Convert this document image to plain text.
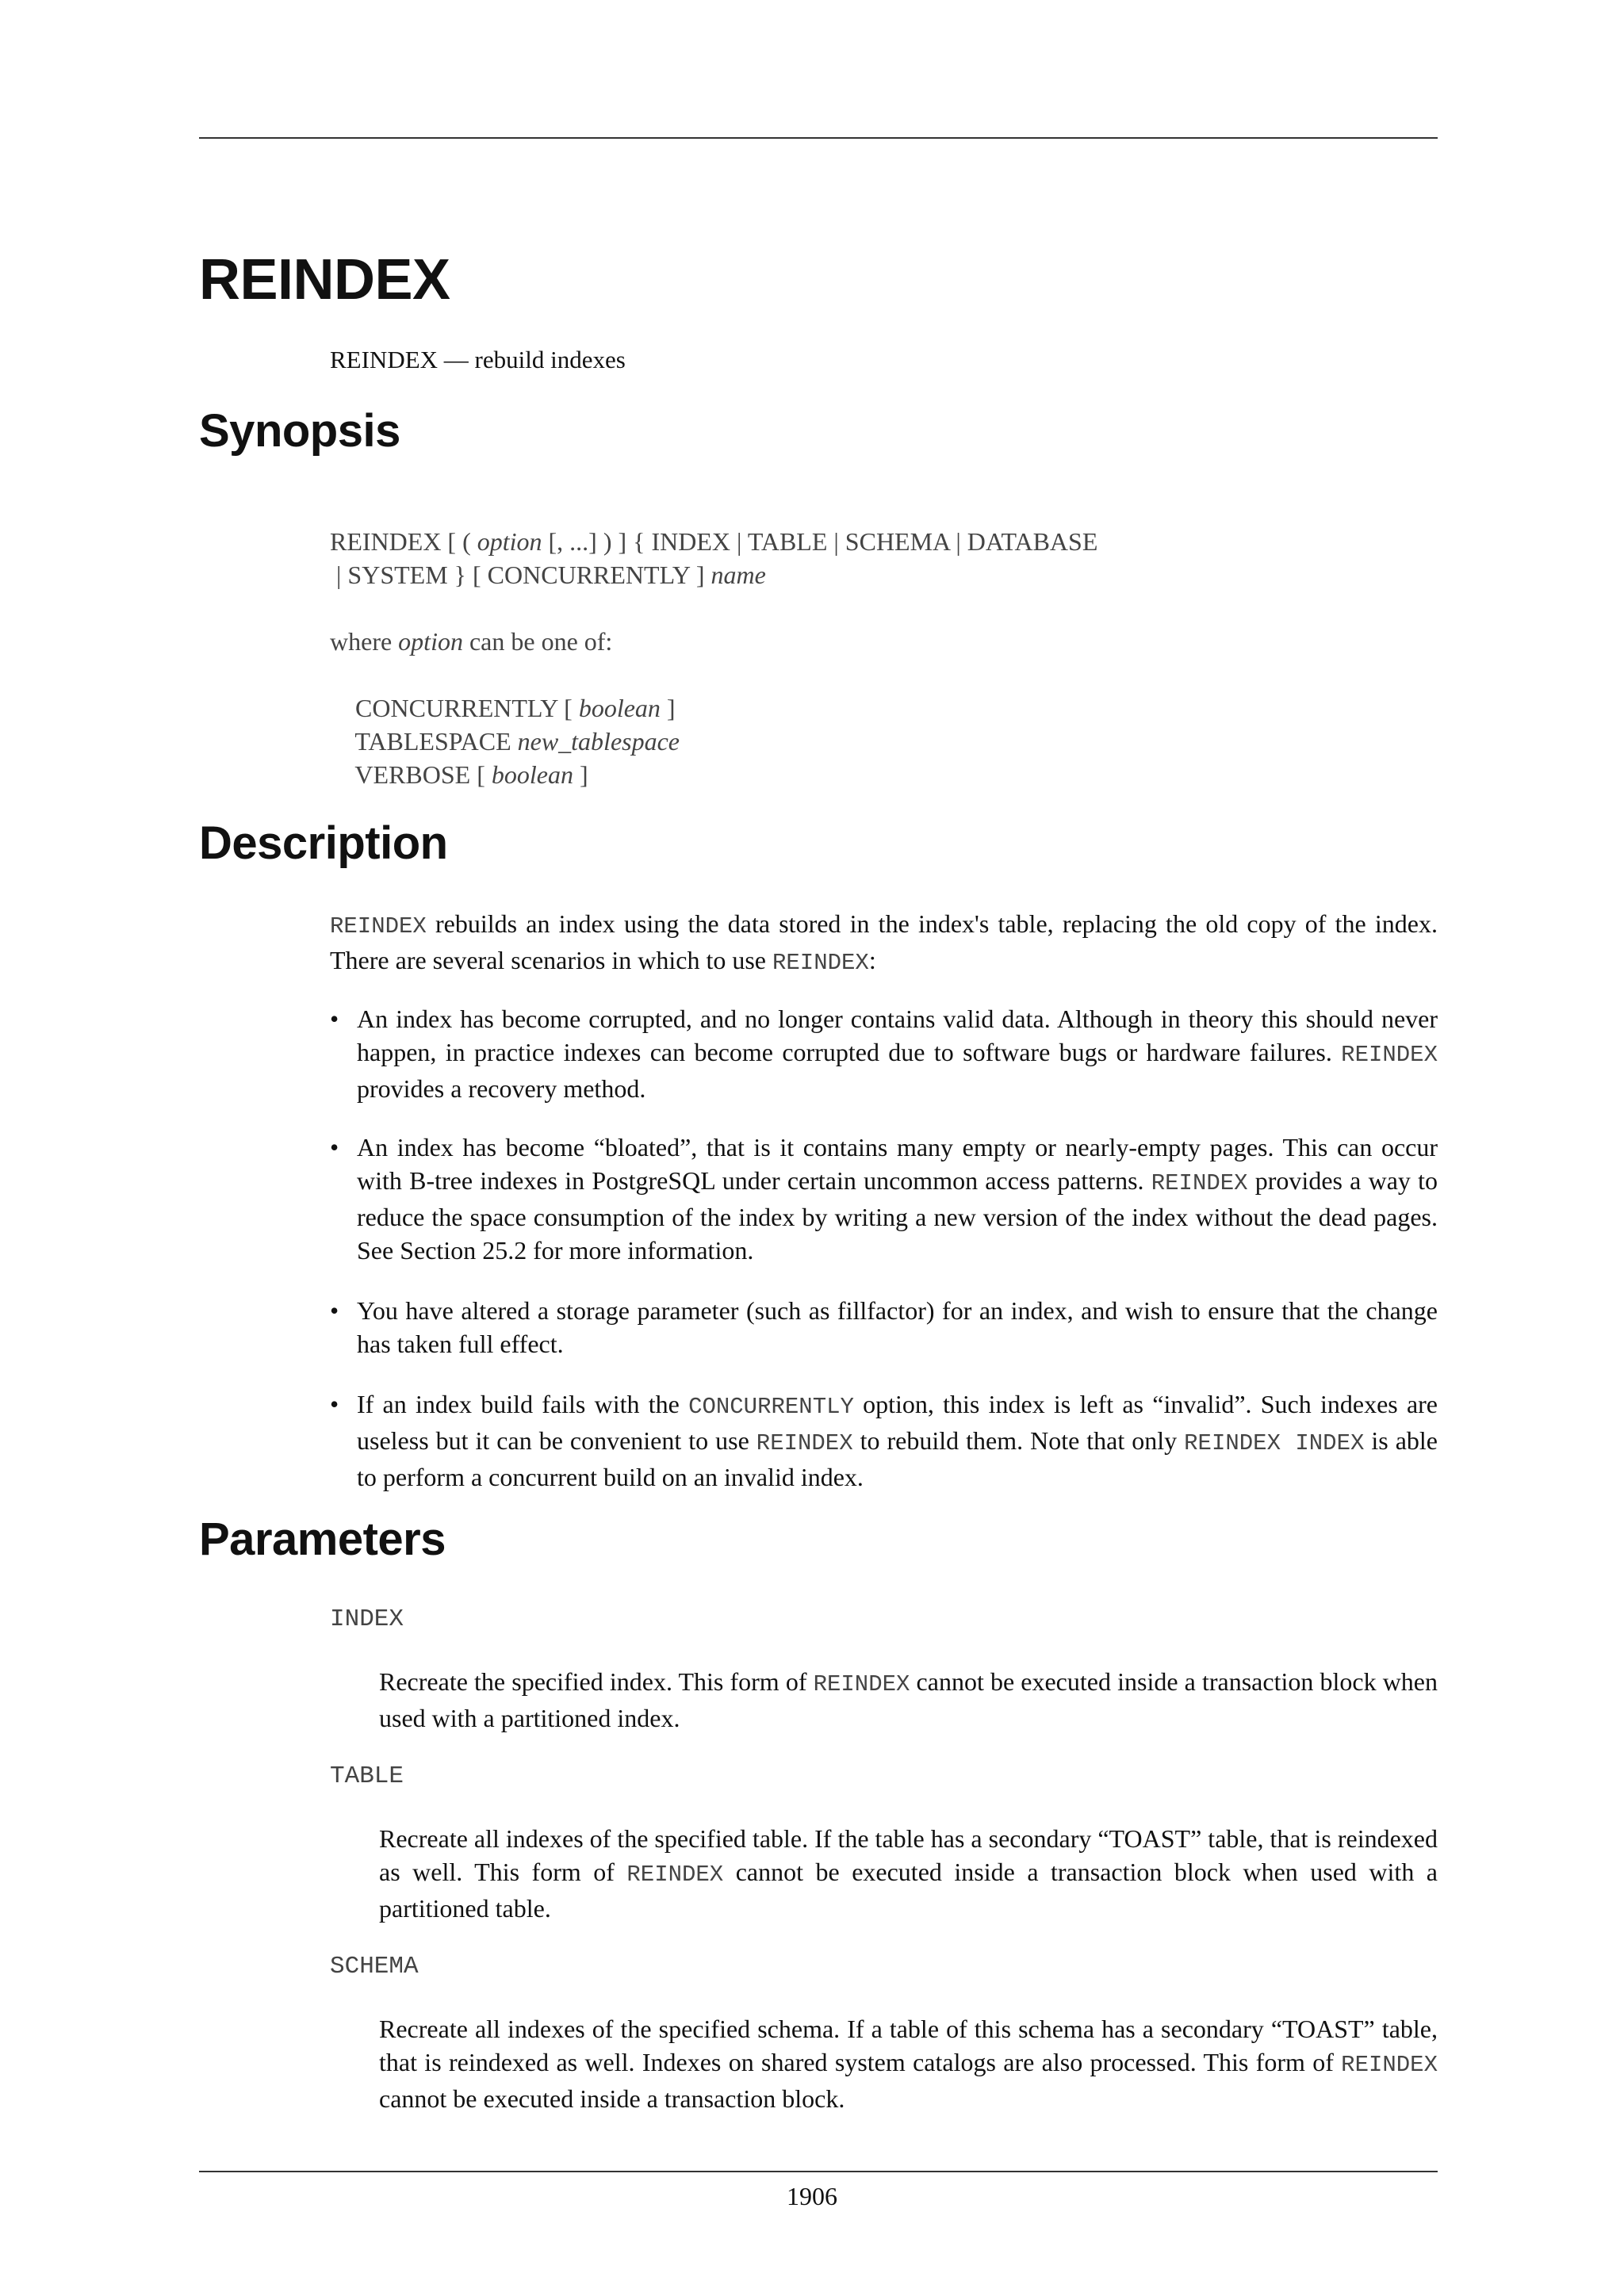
REINDEX
REINDEX — rebuild indexes
Synopsis
REINDEX [ ( option [, ...] ) ] { INDEX | TABLE | SCHEMA | DATABASE
| SYSTEM } [ CONCURRENTLY ] name
where option can be one of:
CONCURRENTLY [ boolean ]
TABLESPACE new_tablespace
VERBOSE [ boolean ]
Description

REINDEX rebuilds an index using the data stored in the index's table, replacing the old copy of the index. There are several scenarios in which to use REINDEX:

• An index has become corrupted, and no longer contains valid data. Although in theory this should never happen, in practice indexes can become corrupted due to software bugs or hardware failures. REINDEX provides a recovery method.
• An index has become “bloated”, that is it contains many empty or nearly-empty pages. This can occur with B-tree indexes in PostgreSQL under certain uncommon access patterns. REINDEX provides a way to reduce the space consumption of the index by writing a new version of the index without the dead pages. See Section 25.2 for more information.
• You have altered a storage parameter (such as fillfactor) for an index, and wish to ensure that the change has taken full effect.
• If an index build fails with the CONCURRENTLY option, this index is left as “invalid”. Such indexes are useless but it can be convenient to use REINDEX to rebuild them. Note that only REINDEX INDEX is able to perform a concurrent build on an invalid index.
Parameters
INDEX

Recreate the specified index. This form of REINDEX cannot be executed inside a transaction block when used with a partitioned index.

TABLE

Recreate all indexes of the specified table. If the table has a secondary “TOAST” table, that is reindexed as well. This form of REINDEX cannot be executed inside a transaction block when used with a partitioned table.

SCHEMA

Recreate all indexes of the specified schema. If a table of this schema has a secondary “TOAST” table, that is reindexed as well. Indexes on shared system catalogs are also processed. This form of REINDEX cannot be executed inside a transaction block.

1906
